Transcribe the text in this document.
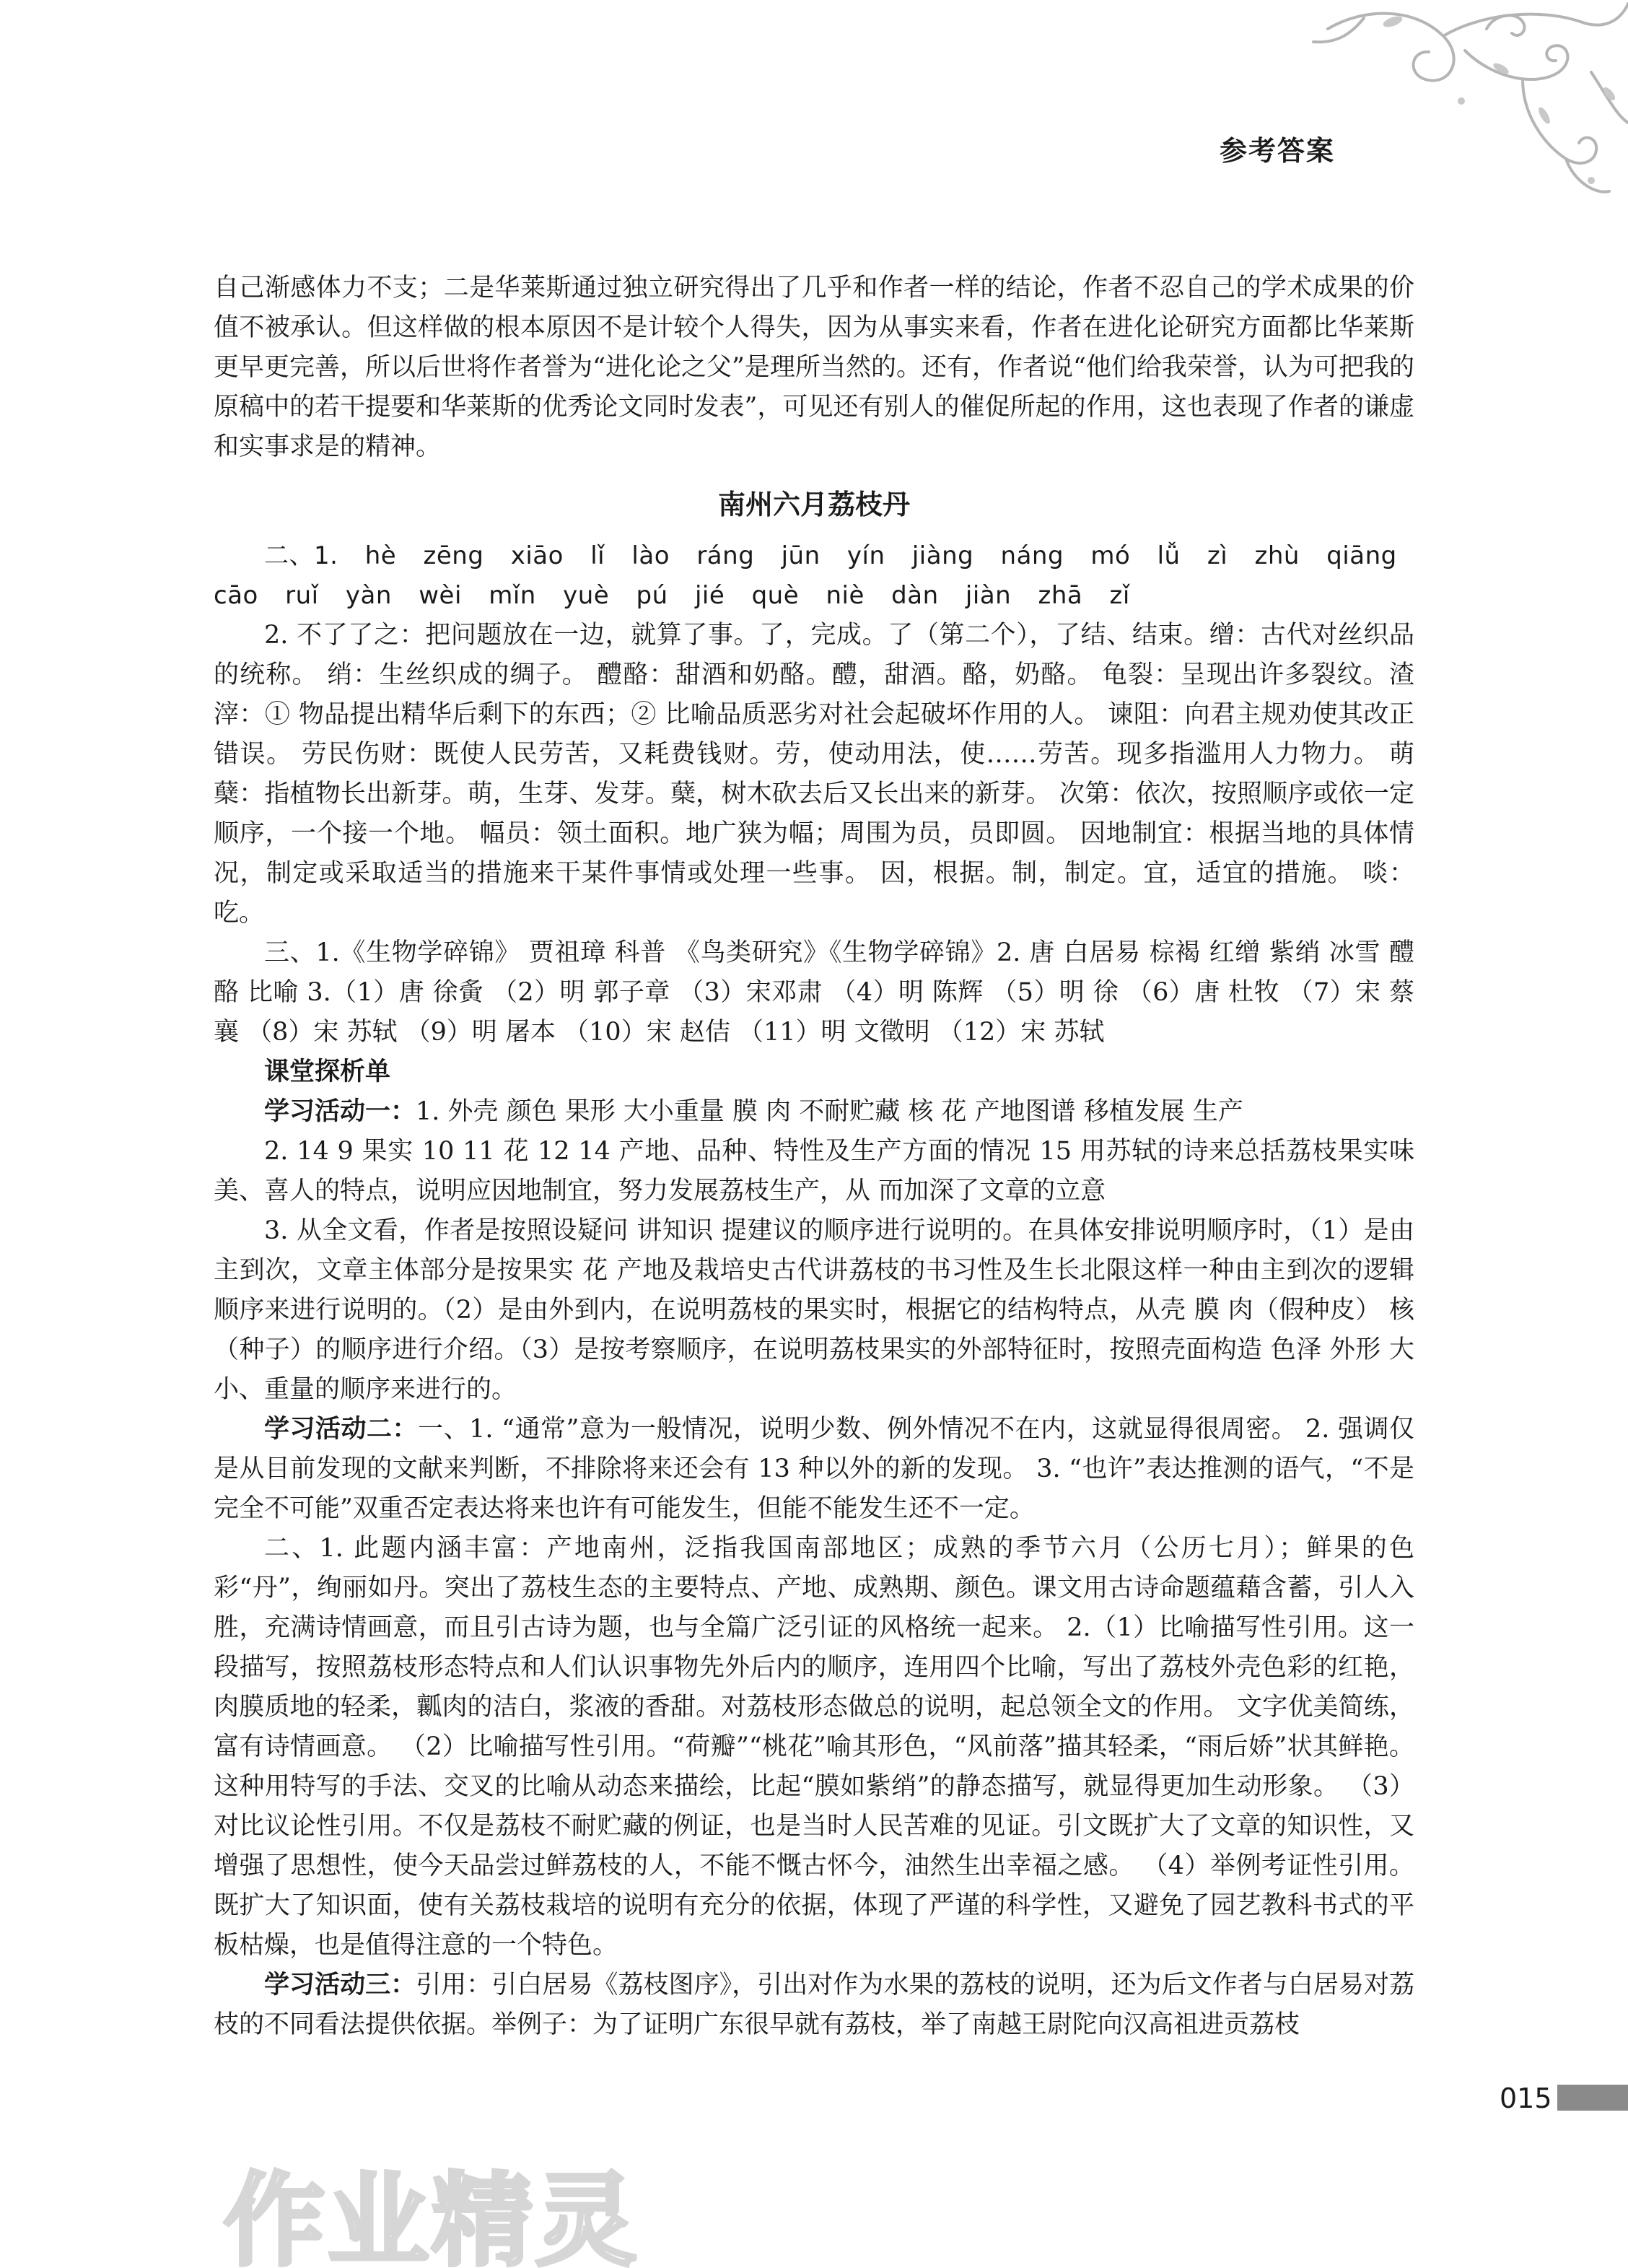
参考答案

自己渐感体力不支；二是华莱斯通过独立研究得出了几乎和作者一样的结论，作者不忍自己的学术成果的价值不被承认。但这样做的根本原因不是计较个人得失，因为从事实来看，作者在进化论研究方面都比华莱斯更早更完善，所以后世将作者誉为“进化论之父”是理所当然的。还有，作者说“他们给我荣誉，认为可把我的原稿中的若干提要和华莱斯的优秀论文同时发表”，可见还有别人的催促所起的作用，这也表现了作者的谦虚和实事求是的精神。

南州六月荔枝丹

二、1. hè zēng xiāo lǐ lào ráng jūn yín jiàng náng mó lǚ zì zhù qiāng

cāo ruǐ yàn wèi mǐn yuè pú jié què niè dàn jiàn zhā zǐ

2. 不了了之：把问题放在一边，就算了事。了，完成。了（第二个），了结、结束。缯：古代对丝织品的统称。 绡：生丝织成的绸子。 醴酪：甜酒和奶酪。醴，甜酒。酪，奶酪。 龟裂：呈现出许多裂纹。渣滓：① 物品提出精华后剩下的东西；② 比喻品质恶劣对社会起破坏作用的人。 谏阻：向君主规劝使其改正错误。 劳民伤财：既使人民劳苦，又耗费钱财。劳，使动用法，使……劳苦。现多指滥用人力物力。 萌蘖：指植物长出新芽。萌，生芽、发芽。蘖，树木砍去后又长出来的新芽。 次第：依次，按照顺序或依一定顺序，一个接一个地。 幅员：领土面积。地广狭为幅；周围为员，员即圆。 因地制宜：根据当地的具体情况，制定或采取适当的措施来干某件事情或处理一些事。 因，根据。制，制定。宜，适宜的措施。 啖：吃。

三、1.《生物学碎锦》 贾祖璋 科普 《鸟类研究》《生物学碎锦》2. 唐 白居易 棕褐 红缯 紫绡 冰雪 醴酪 比喻 3.（1）唐 徐夤 （2）明 郭子章 （3）宋邓肃 （4）明 陈辉 （5）明 徐 （6）唐 杜牧 （7）宋 蔡襄 （8）宋 苏轼 （9）明 屠本 （10）宋 赵佶 （11）明 文徵明 （12）宋 苏轼

课堂探析单

学习活动一：1. 外壳 颜色 果形 大小重量 膜 肉 不耐贮藏 核 花 产地图谱 移植发展 生产

2. 14 9 果实 10 11 花 12 14 产地、品种、特性及生产方面的情况 15 用苏轼的诗来总括荔枝果实味美、喜人的特点，说明应因地制宜，努力发展荔枝生产，从 而加深了文章的立意

3. 从全文看，作者是按照设疑问 讲知识 提建议的顺序进行说明的。在具体安排说明顺序时，（1）是由主到次，文章主体部分是按果实 花 产地及栽培史古代讲荔枝的书习性及生长北限这样一种由主到次的逻辑顺序来进行说明的。（2）是由外到内，在说明荔枝的果实时，根据它的结构特点，从壳 膜 肉（假种皮） 核（种子）的顺序进行介绍。（3）是按考察顺序，在说明荔枝果实的外部特征时，按照壳面构造 色泽 外形 大小、重量的顺序来进行的。

学习活动二：一、1. “通常”意为一般情况，说明少数、例外情况不在内，这就显得很周密。 2. 强调仅是从目前发现的文献来判断，不排除将来还会有 13 种以外的新的发现。 3. “也许”表达推测的语气，“不是完全不可能”双重否定表达将来也许有可能发生，但能不能发生还不一定。

二、1. 此题内涵丰富：产地南州，泛指我国南部地区；成熟的季节六月（公历七月）；鲜果的色彩“丹”，绚丽如丹。突出了荔枝生态的主要特点、产地、成熟期、颜色。课文用古诗命题蕴藉含蓄，引人入胜，充满诗情画意，而且引古诗为题，也与全篇广泛引证的风格统一起来。 2.（1）比喻描写性引用。这一段描写，按照荔枝形态特点和人们认识事物先外后内的顺序，连用四个比喻，写出了荔枝外壳色彩的红艳，肉膜质地的轻柔，瓤肉的洁白，浆液的香甜。对荔枝形态做总的说明，起总领全文的作用。 文字优美简练，富有诗情画意。 （2）比喻描写性引用。“荷瓣”“桃花”喻其形色，“风前落”描其轻柔，“雨后娇”状其鲜艳。这种用特写的手法、交叉的比喻从动态来描绘，比起“膜如紫绡”的静态描写，就显得更加生动形象。 （3）对比议论性引用。不仅是荔枝不耐贮藏的例证，也是当时人民苦难的见证。引文既扩大了文章的知识性，又增强了思想性，使今天品尝过鲜荔枝的人，不能不慨古怀今，油然生出幸福之感。 （4）举例考证性引用。既扩大了知识面，使有关荔枝栽培的说明有充分的依据，体现了严谨的科学性，又避免了园艺教科书式的平板枯燥，也是值得注意的一个特色。

学习活动三：引用：引白居易《荔枝图序》，引出对作为水果的荔枝的说明，还为后文作者与白居易对荔枝的不同看法提供依据。举例子：为了证明广东很早就有荔枝，举了南越王尉陀向汉高祖进贡荔枝

015
作业精灵
